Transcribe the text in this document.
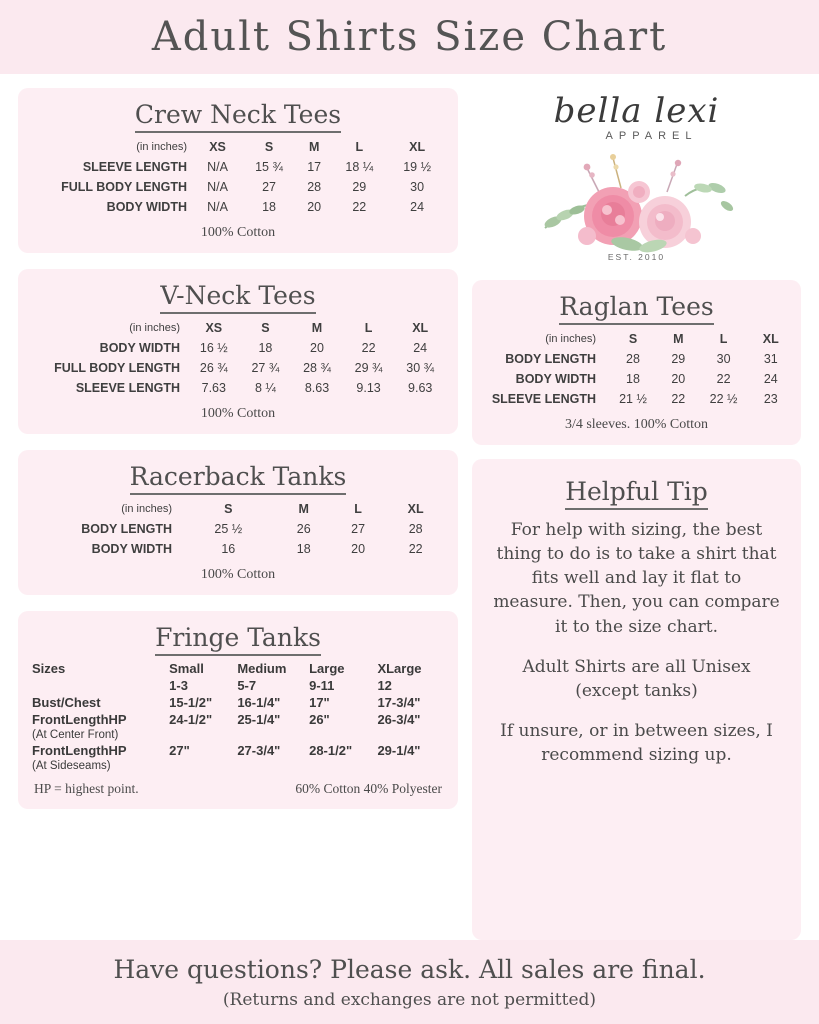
Adult Shirts Size Chart
Crew Neck Tees
(in inches)	XS	S	M	L	XL
SLEEVE LENGTH	N/A	15 ¾	17	18 ¼	19 ½
FULL BODY LENGTH	N/A	27	28	29	30
BODY WIDTH	N/A	18	20	22	24
100% Cotton
V-Neck Tees
(in inches)	XS	S	M	L	XL
BODY WIDTH	16 ½	18	20	22	24
FULL BODY LENGTH	26 ¾	27 ¾	28 ¾	29 ¾	30 ¾
SLEEVE LENGTH	7.63	8 ¼	8.63	9.13	9.63
100% Cotton
Racerback Tanks
(in inches)	S	M	L	XL
BODY LENGTH	25 ½	26	27	28
BODY WIDTH	16	18	20	22
100% Cotton
Fringe Tanks
Sizes	Small	Medium	Large	XLarge
	1-3	5-7	9-11	12
Bust/Chest	15-1/2"	16-1/4"	17"	17-3/4"
FrontLengthHP	24-1/2"	25-1/4"	26"	26-3/4"
(At Center Front)				
FrontLengthHP	27"	27-3/4"	28-1/2"	29-1/4"
(At Sideseams)				
HP = highest point.	60% Cotton 40% Polyester
bella lexi
APPAREL
EST. 2010
Raglan Tees
(in inches)	S	M	L	XL
BODY LENGTH	28	29	30	31
BODY WIDTH	18	20	22	24
SLEEVE LENGTH	21 ½	22	22 ½	23
3/4 sleeves. 100% Cotton
Helpful Tip

For help with sizing, the best thing to do is to take a shirt that fits well and lay it flat to measure. Then, you can compare it to the size chart.

Adult Shirts are all Unisex (except tanks)

If unsure, or in between sizes, I recommend sizing up.

Have questions? Please ask. All sales are final.
(Returns and exchanges are not permitted)
